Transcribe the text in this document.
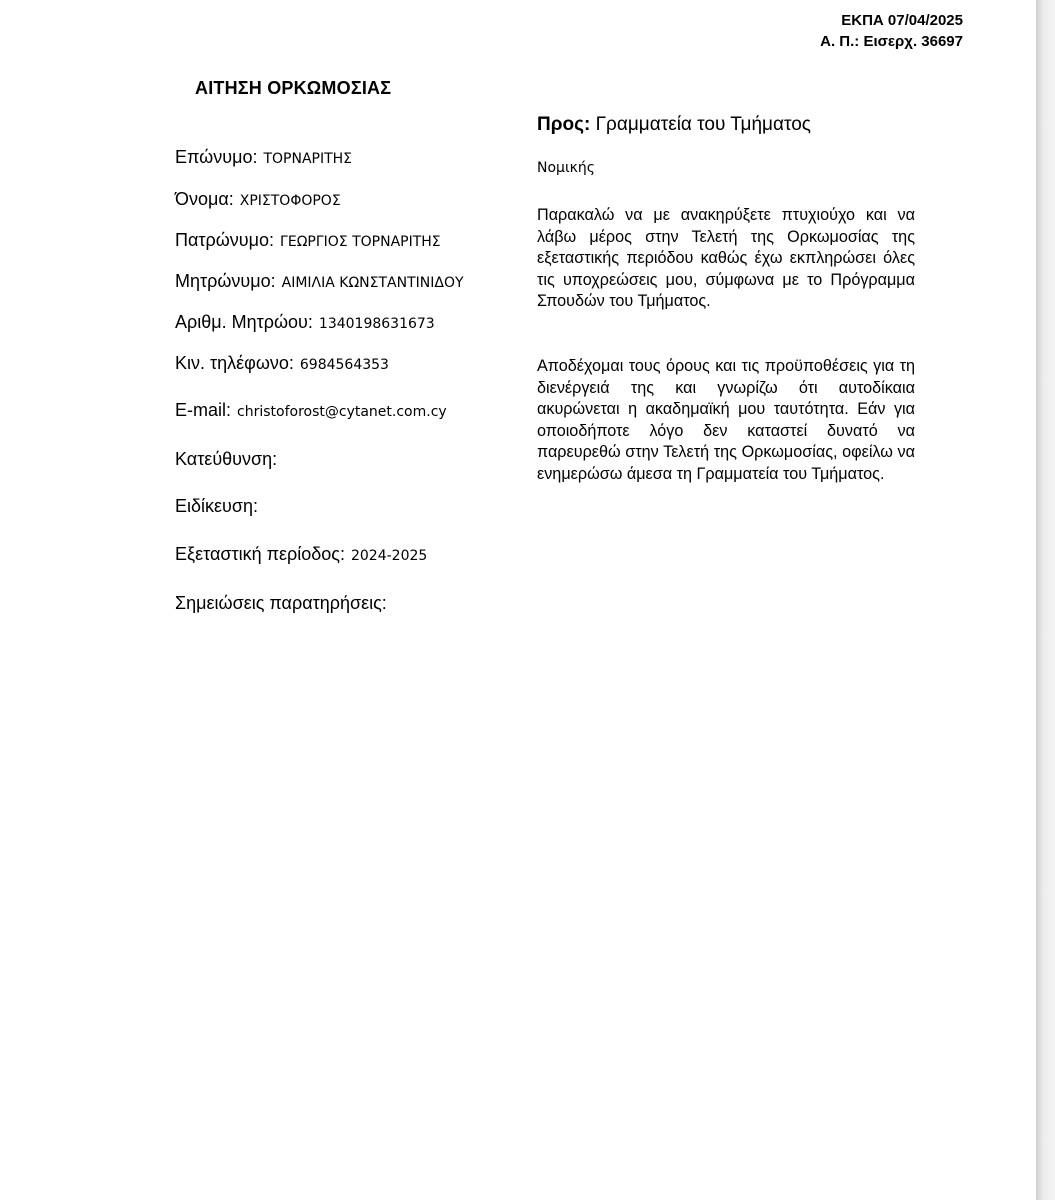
ΕΚΠΑ 07/04/2025
Α. Π.: Εισερχ. 36697
ΑΙΤΗΣΗ ΟΡΚΩΜΟΣΙΑΣ
Επώνυμο: ΤΟΡΝΑΡΙΤΗΣ
Όνομα: ΧΡΙΣΤΟΦΟΡΟΣ
Πατρώνυμο: ΓΕΩΡΓΙΟΣ ΤΟΡΝΑΡΙΤΗΣ
Μητρώνυμο: ΑΙΜΙΛΙΑ ΚΩΝΣΤΑΝΤΙΝΙΔΟΥ
Αριθμ. Μητρώου: 1340198631673
Κιν. τηλέφωνο: 6984564353
E-mail: christoforost@cytanet.com.cy
Κατεύθυνση:
Ειδίκευση:
Εξεταστική περίοδος: 2024-2025
Σημειώσεις παρατηρήσεις:
Προς: Γραμματεία του Τμήματος
Νομικής
Παρακαλώ να με ανακηρύξετε πτυχιούχο και να λάβω μέρος στην Τελετή της Ορκωμοσίας της εξεταστικής περιόδου καθώς έχω εκπληρώσει όλες τις υποχρεώσεις μου, σύμφωνα με το Πρόγραμμα Σπουδών του Τμήματος.
Αποδέχομαι τους όρους και τις προϋποθέσεις για τη διενέργειά της και γνωρίζω ότι αυτοδίκαια ακυρώνεται η ακαδημαϊκή μου ταυτότητα. Εάν για οποιοδήποτε λόγο δεν καταστεί δυνατό να παρευρεθώ στην Τελετή της Ορκωμοσίας, οφείλω να ενημερώσω άμεσα τη Γραμματεία του Τμήματος.
